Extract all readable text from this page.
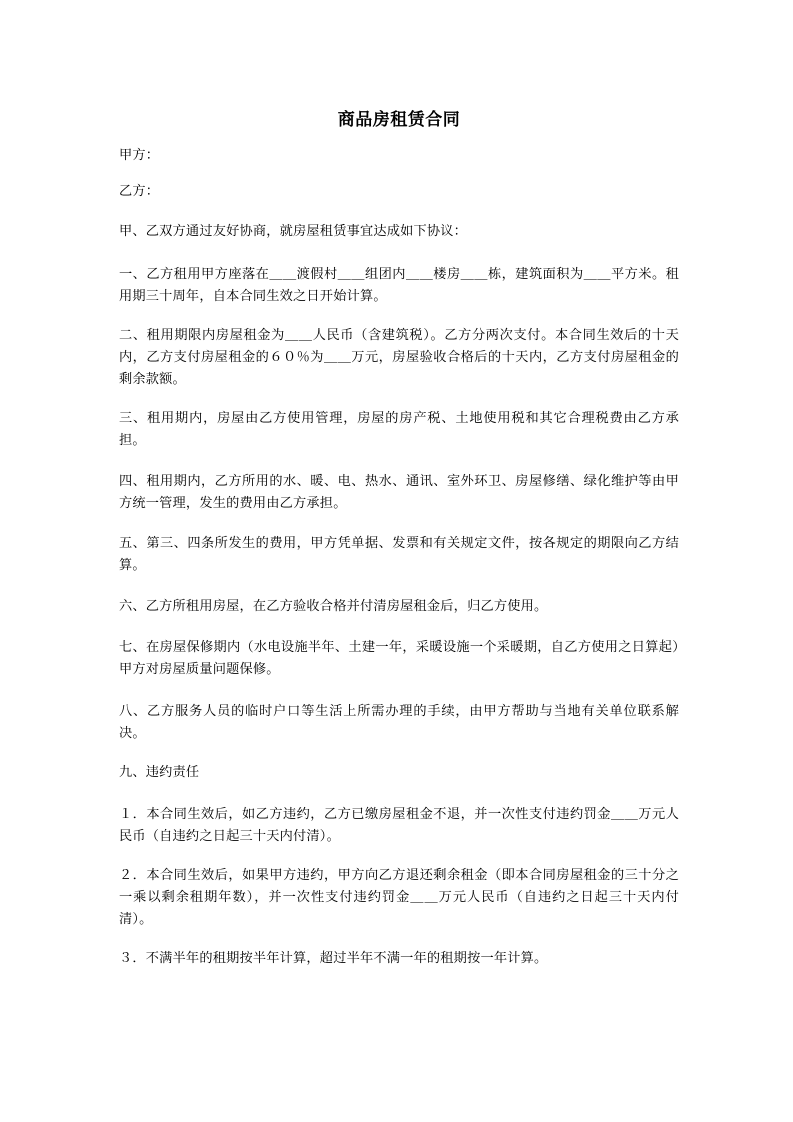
商品房租赁合同

甲方：

乙方：

甲、乙双方通过友好协商，就房屋租赁事宜达成如下协议：

一、乙方租用甲方座落在＿＿渡假村＿＿组团内＿＿楼房＿＿栋，建筑面积为＿＿平方米。租用期三十周年，自本合同生效之日开始计算。

二、租用期限内房屋租金为＿＿人民币（含建筑税）。乙方分两次支付。本合同生效后的十天内，乙方支付房屋租金的６０％为＿＿万元，房屋验收合格后的十天内，乙方支付房屋租金的剩余款额。

三、租用期内，房屋由乙方使用管理，房屋的房产税、土地使用税和其它合理税费由乙方承担。

四、租用期内，乙方所用的水、暖、电、热水、通讯、室外环卫、房屋修缮、绿化维护等由甲方统一管理，发生的费用由乙方承担。

五、第三、四条所发生的费用，甲方凭单据、发票和有关规定文件，按各规定的期限向乙方结算。

六、乙方所租用房屋，在乙方验收合格并付清房屋租金后，归乙方使用。

七、在房屋保修期内（水电设施半年、土建一年，采暖设施一个采暖期，自乙方使用之日算起）甲方对房屋质量问题保修。

八、乙方服务人员的临时户口等生活上所需办理的手续，由甲方帮助与当地有关单位联系解决。

九、违约责任

１．本合同生效后，如乙方违约，乙方已缴房屋租金不退，并一次性支付违约罚金＿＿万元人民币（自违约之日起三十天内付清）。

２．本合同生效后，如果甲方违约，甲方向乙方退还剩余租金（即本合同房屋租金的三十分之一乘以剩余租期年数），并一次性支付违约罚金＿＿万元人民币（自违约之日起三十天内付清）。

３．不满半年的租期按半年计算，超过半年不满一年的租期按一年计算。
